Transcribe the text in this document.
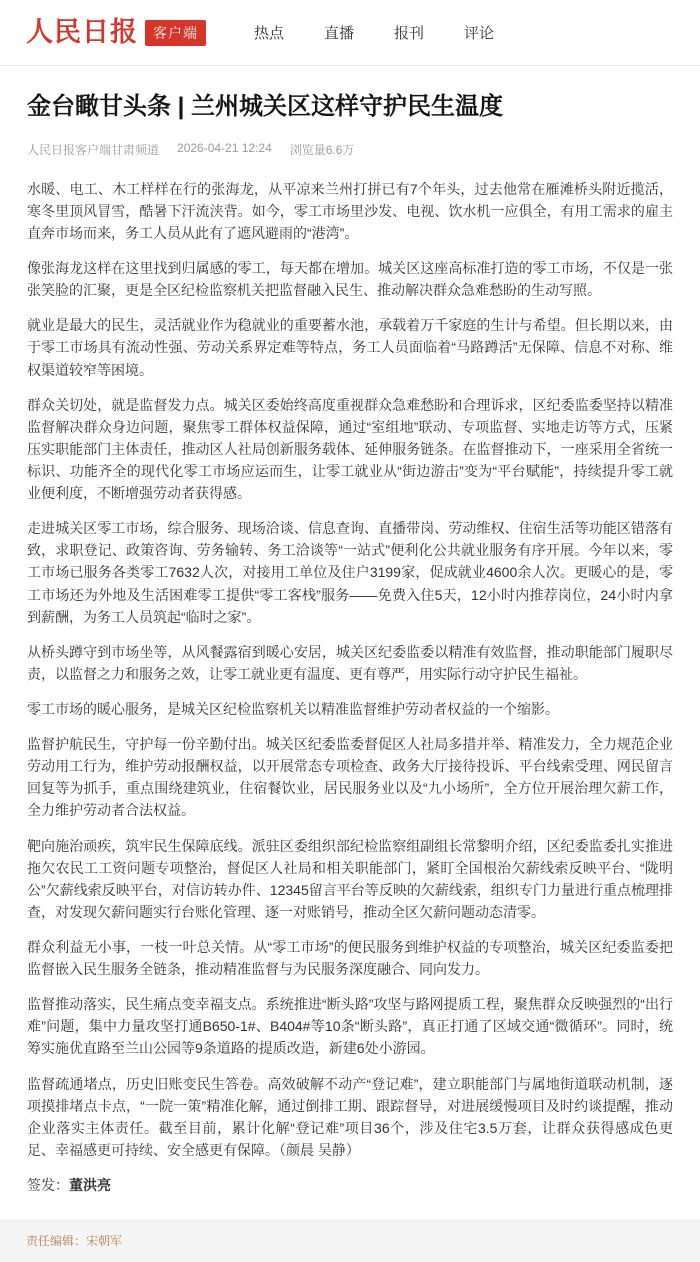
人民日报	客户端	热点	直播	报刊	评论
金台瞰甘头条 | 兰州城关区这样守护民生温度
人民日报客户端甘肃频道 2026-04-21 12:24 浏览量6.6万

水暖、电工、木工样样在行的张海龙，从平凉来兰州打拼已有7个年头，过去他常在雁滩桥头附近揽活，寒冬里顶风冒雪，酷暑下汗流浃背。如今，零工市场里沙发、电视、饮水机一应俱全，有用工需求的雇主直奔市场而来，务工人员从此有了遮风避雨的“港湾”。

像张海龙这样在这里找到归属感的零工，每天都在增加。城关区这座高标准打造的零工市场，不仅是一张张笑脸的汇聚，更是全区纪检监察机关把监督融入民生、推动解决群众急难愁盼的生动写照。

就业是最大的民生，灵活就业作为稳就业的重要蓄水池，承载着万千家庭的生计与希望。但长期以来，由于零工市场具有流动性强、劳动关系界定难等特点，务工人员面临着“马路蹲活”无保障、信息不对称、维权渠道较窄等困境。

群众关切处，就是监督发力点。城关区委始终高度重视群众急难愁盼和合理诉求，区纪委监委坚持以精准监督解决群众身边问题，聚焦零工群体权益保障，通过“室组地”联动、专项监督、实地走访等方式，压紧压实职能部门主体责任，推动区人社局创新服务载体、延伸服务链条。在监督推动下，一座采用全省统一标识、功能齐全的现代化零工市场应运而生，让零工就业从“街边游击”变为“平台赋能”，持续提升零工就业便利度，不断增强劳动者获得感。

走进城关区零工市场，综合服务、现场洽谈、信息查询、直播带岗、劳动维权、住宿生活等功能区错落有致，求职登记、政策咨询、劳务输转、务工洽谈等“一站式”便利化公共就业服务有序开展。今年以来，零工市场已服务各类零工7632人次，对接用工单位及住户3199家，促成就业4600余人次。更暖心的是，零工市场还为外地及生活困难零工提供“零工客栈”服务——免费入住5天，12小时内推荐岗位，24小时内拿到薪酬，为务工人员筑起“临时之家”。

从桥头蹲守到市场坐等，从风餐露宿到暖心安居，城关区纪委监委以精准有效监督，推动职能部门履职尽责，以监督之力和服务之效，让零工就业更有温度、更有尊严，用实际行动守护民生福祉。

零工市场的暖心服务，是城关区纪检监察机关以精准监督维护劳动者权益的一个缩影。

监督护航民生，守护每一份辛勤付出。城关区纪委监委督促区人社局多措并举、精准发力，全力规范企业劳动用工行为，维护劳动报酬权益，以开展常态专项检查、政务大厅接待投诉、平台线索受理、网民留言回复等为抓手，重点围绕建筑业，住宿餐饮业，居民服务业以及“九小场所”，全方位开展治理欠薪工作，全力维护劳动者合法权益。

靶向施治顽疾，筑牢民生保障底线。派驻区委组织部纪检监察组副组长常黎明介绍，区纪委监委扎实推进拖欠农民工工资问题专项整治，督促区人社局和相关职能部门，紧盯全国根治欠薪线索反映平台、“陇明公”欠薪线索反映平台，对信访转办件、12345留言平台等反映的欠薪线索，组织专门力量进行重点梳理排查，对发现欠薪问题实行台账化管理、逐一对账销号，推动全区欠薪问题动态清零。

群众利益无小事，一枝一叶总关情。从“零工市场”的便民服务到维护权益的专项整治，城关区纪委监委把监督嵌入民生服务全链条，推动精准监督与为民服务深度融合、同向发力。

监督推动落实，民生痛点变幸福支点。系统推进“断头路”攻坚与路网提质工程，聚焦群众反映强烈的“出行难”问题，集中力量攻坚打通B650-1#、B404#等10条“断头路”，真正打通了区域交通“微循环”。同时，统筹实施优直路至兰山公园等9条道路的提质改造，新建6处小游园。

监督疏通堵点，历史旧账变民生答卷。高效破解不动产“登记难”，建立职能部门与属地街道联动机制，逐项摸排堵点卡点，“一院一策”精准化解，通过倒排工期、跟踪督导，对进展缓慢项目及时约谈提醒，推动企业落实主体责任。截至目前，累计化解“登记难”项目36个，涉及住宅3.5万套，让群众获得感成色更足、幸福感更可持续、安全感更有保障。（颜晨 吴静）

签发：董洪亮

责任编辑：宋朝军
